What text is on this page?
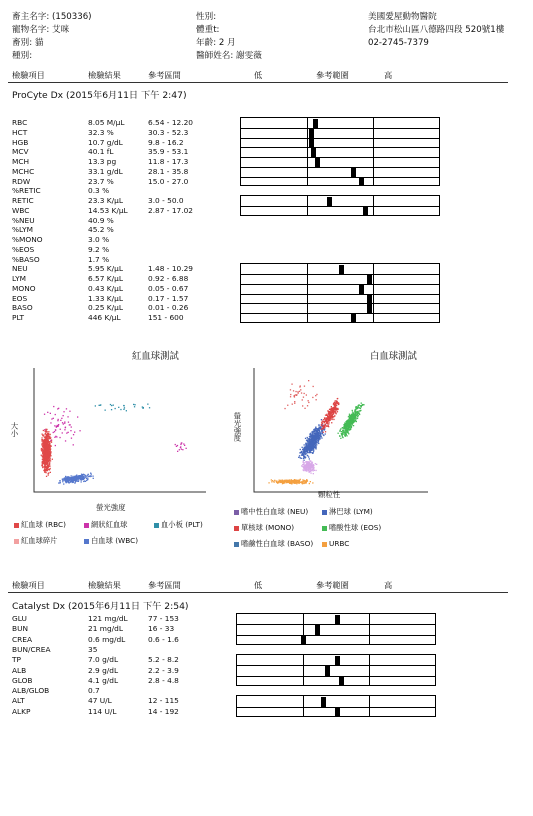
畜主名字: (150336)
寵物名字: 艾咪
畜別: 貓
種別:
性別:
體重t:
年齡: 2 月
醫師姓名: 謝雯薇
美國愛屋動物醫院
台北市松山區八德路四段 520號1樓
02-2745-7379
檢驗項目	檢驗結果	參考區間	低	參考範圍	高
ProCyte Dx (2015年6月11日 下午 2:47)
RBC	8.05 M/µL	6.54 - 12.20
HCT	32.3 %	30.3 - 52.3
HGB	10.7 g/dL	9.8 - 16.2
MCV	40.1 fL	35.9 - 53.1
MCH	13.3 pg	11.8 - 17.3
MCHC	33.1 g/dL	28.1 - 35.8
RDW	23.7 %	15.0 - 27.0
%RETIC	0.3 %
RETIC	23.3 K/µL	3.0 - 50.0
WBC	14.53 K/µL	2.87 - 17.02
%NEU	40.9 %
%LYM	45.2 %
%MONO	3.0 %
%EOS	9.2 %
%BASO	1.7 %
NEU	5.95 K/µL	1.48 - 10.29
LYM	6.57 K/µL	0.92 - 6.88
MONO	0.43 K/µL	0.05 - 0.67
EOS	1.33 K/µL	0.17 - 1.57
BASO	0.25 K/µL	0.01 - 0.26
PLT	446 K/µL	151 - 600
紅血球測試
大小
螢光強度
紅血球 (RBC)	網狀紅血球	血小板 (PLT)
紅血球碎片	白血球 (WBC)
白血球測試
螢光強度
顆粒性
嗜中性白血球 (NEU)	淋巴球 (LYM)
單核球 (MONO)	嗜酸性球 (EOS)
嗜鹼性白血球 (BASO)	URBC
檢驗項目	檢驗結果	參考區間	低	參考範圍	高
Catalyst Dx (2015年6月11日 下午 2:54)
GLU	121 mg/dL	77 - 153
BUN	21 mg/dL	16 - 33
CREA	0.6 mg/dL	0.6 - 1.6
BUN/CREA	35
TP	7.0 g/dL	5.2 - 8.2
ALB	2.9 g/dL	2.2 - 3.9
GLOB	4.1 g/dL	2.8 - 4.8
ALB/GLOB	0.7
ALT	47 U/L	12 - 115
ALKP	114 U/L	14 - 192
